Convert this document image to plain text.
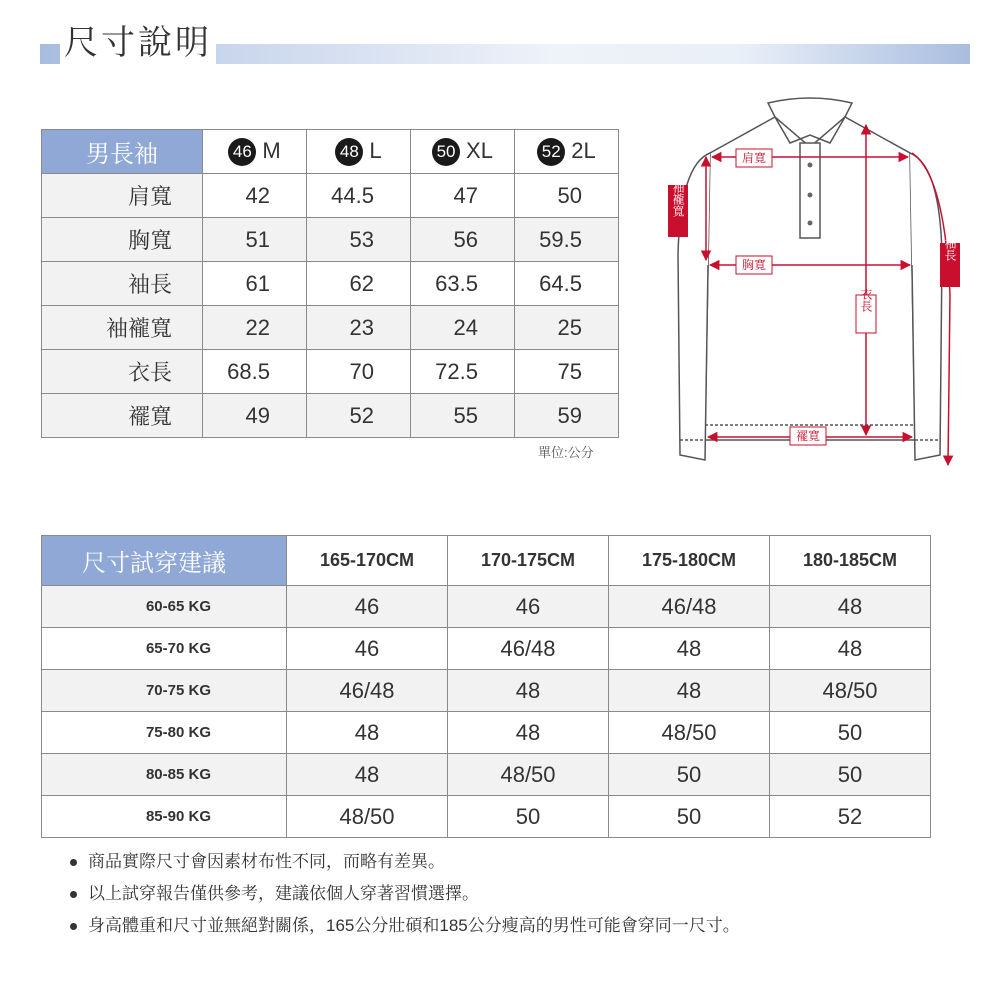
尺寸說明
男長袖	46 M	48 L	50 XL	52 2L
肩寬	42	44.5	47	50
胸寬	51	53	56	59.5
袖長	61	62	63.5	64.5
袖襱寬	22	23	24	25
衣長	68.5	70	72.5	75
襬寬	49	52	55	59
單位:公分
肩寬
袖襱寬
胸寬
衣長
襬寬
袖長
尺寸試穿建議	165-170CM	170-175CM	175-180CM	180-185CM
60-65 KG	46	46	46/48	48
65-70 KG	46	46/48	48	48
70-75 KG	46/48	48	48	48/50
75-80 KG	48	48	48/50	50
80-85 KG	48	48/50	50	50
85-90 KG	48/50	50	50	52
商品實際尺寸會因素材布性不同，而略有差異。
以上試穿報告僅供參考，建議依個人穿著習慣選擇。
身高體重和尺寸並無絕對關係，165公分壯碩和185公分瘦高的男性可能會穿同一尺寸。
